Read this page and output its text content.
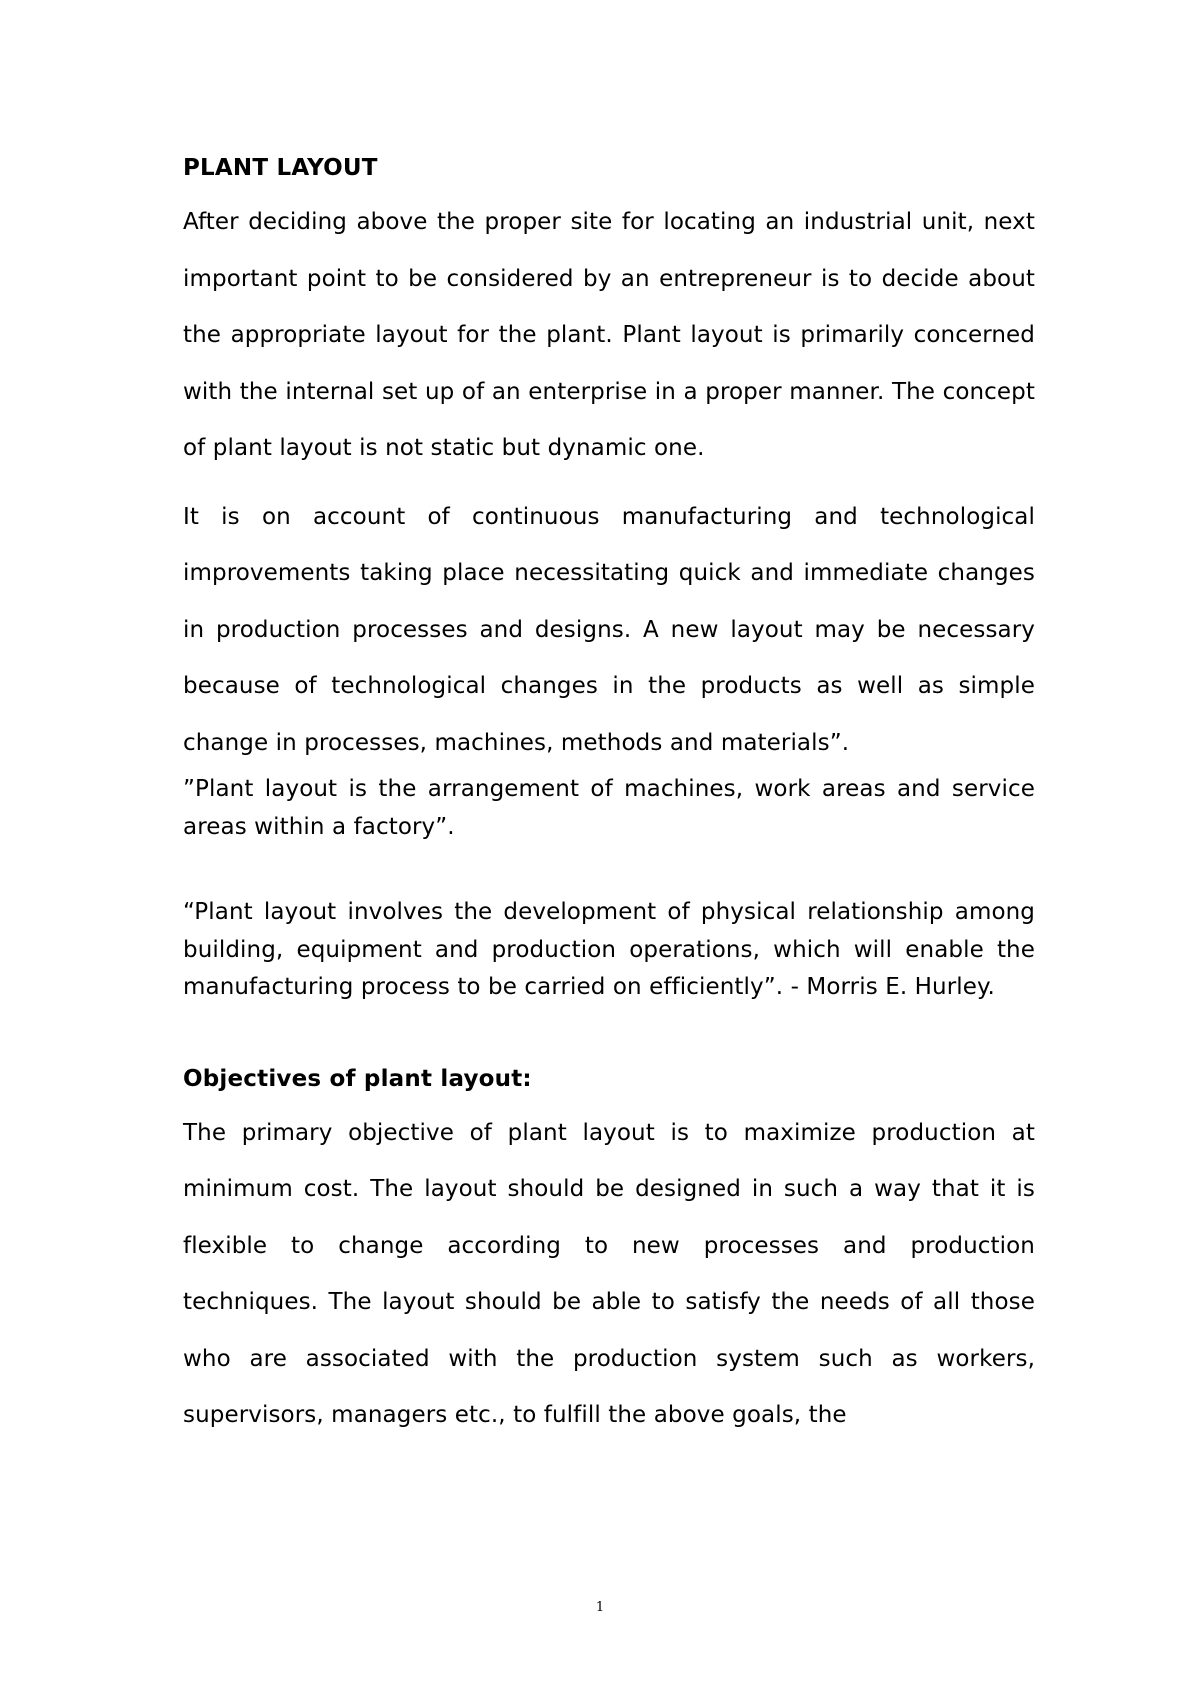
PLANT LAYOUT

After deciding above the proper site for locating an industrial unit, next important point to be considered by an entrepreneur is to decide about the appropriate layout for the plant. Plant layout is primarily concerned with the internal set up of an enterprise in a proper manner. The concept of plant layout is not static but dynamic one.

It is on account of continuous manufacturing and technological improvements taking place necessitating quick and immediate changes in production processes and designs. A new layout may be necessary because of technological changes in the products as well as simple change in processes, machines, methods and materials”.

”Plant layout is the arrangement of machines, work areas and service areas within a factory”.

“Plant layout involves the development of physical relationship among building, equipment and production operations, which will enable the manufacturing process to be carried on efficiently”. - Morris E. Hurley.

Objectives of plant layout:

The primary objective of plant layout is to maximize production at minimum cost. The layout should be designed in such a way that it is flexible to change according to new processes and production techniques. The layout should be able to satisfy the needs of all those who are associated with the production system such as workers, supervisors, managers etc., to fulfill the above goals, the

1
